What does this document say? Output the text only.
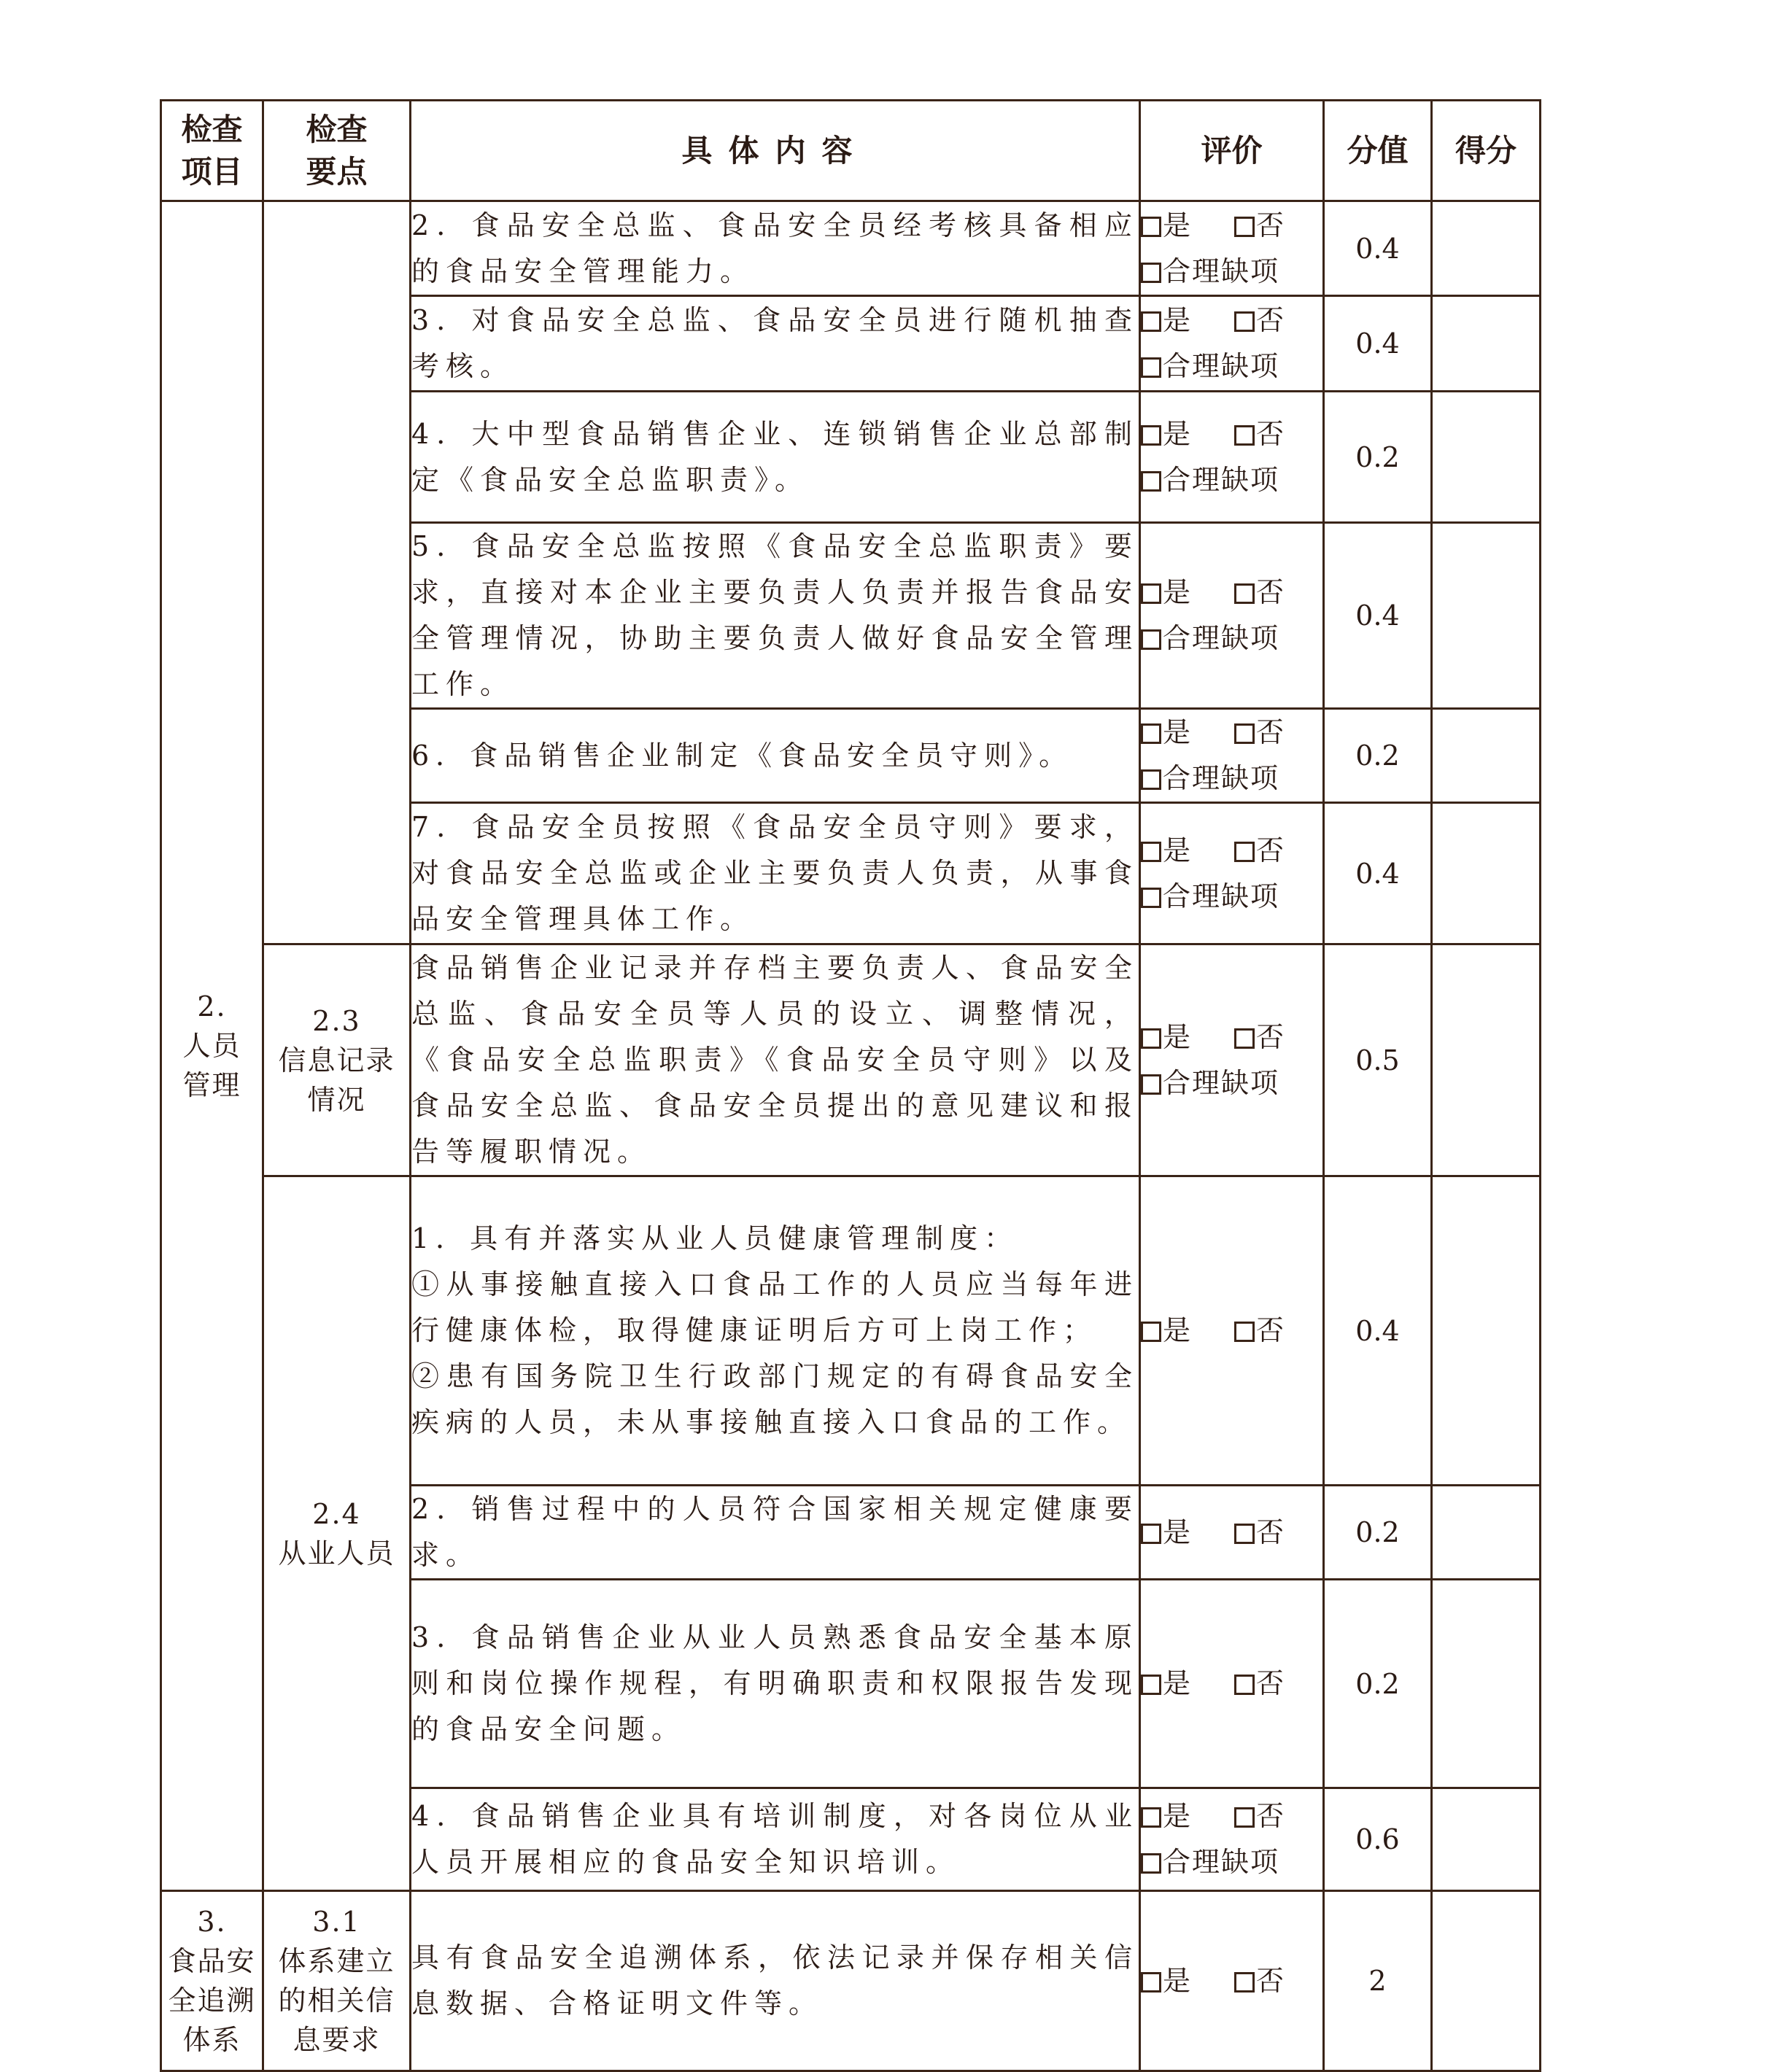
检查
项目	检查
要点	具体内容	评价	分值	得分

2.
人员
管理		2．食品安全总监、食品安全员经考核具备相应的食品安全管理能力。	是 否
合理缺项	0.4	
		3．对食品安全总监、食品安全员进行随机抽查考核。	是 否
合理缺项	0.4	
		4．大中型食品销售企业、连锁销售企业总部制定《食品安全总监职责》。	是 否
合理缺项	0.2	
		5．食品安全总监按照《食品安全总监职责》要求，直接对本企业主要负责人负责并报告食品安全管理情况，协助主要负责人做好食品安全管理工作。	是 否
合理缺项	0.4	
		6．食品销售企业制定《食品安全员守则》。	是 否
合理缺项	0.2	
		7．食品安全员按照《食品安全员守则》要求，对食品安全总监或企业主要负责人负责，从事食品安全管理具体工作。	是 否
合理缺项	0.4	

	2.3
信息记录
情况	食品销售企业记录并存档主要负责人、食品安全总监、食品安全员等人员的设立、调整情况，《食品安全总监职责》《食品安全员守则》以及食品安全总监、食品安全员提出的意见建议和报告等履职情况。	是 否
合理缺项	0.5	

	2.4
从业人员	1．具有并落实从业人员健康管理制度：
①从事接触直接入口食品工作的人员应当每年进行健康体检，取得健康证明后方可上岗工作；
②患有国务院卫生行政部门规定的有碍食品安全疾病的人员，未从事接触直接入口食品的工作。	是 否	0.4	
		2．销售过程中的人员符合国家相关规定健康要求。	是 否	0.2	
		3．食品销售企业从业人员熟悉食品安全基本原则和岗位操作规程，有明确职责和权限报告发现的食品安全问题。	是 否	0.2	
		4．食品销售企业具有培训制度，对各岗位从业人员开展相应的食品安全知识培训。	是 否
合理缺项	0.6	

3.
食品安
全追溯
体系	3.1
体系建立
的相关信
息要求	具有食品安全追溯体系，依法记录并保存相关信息数据、合格证明文件等。	是 否	2	
